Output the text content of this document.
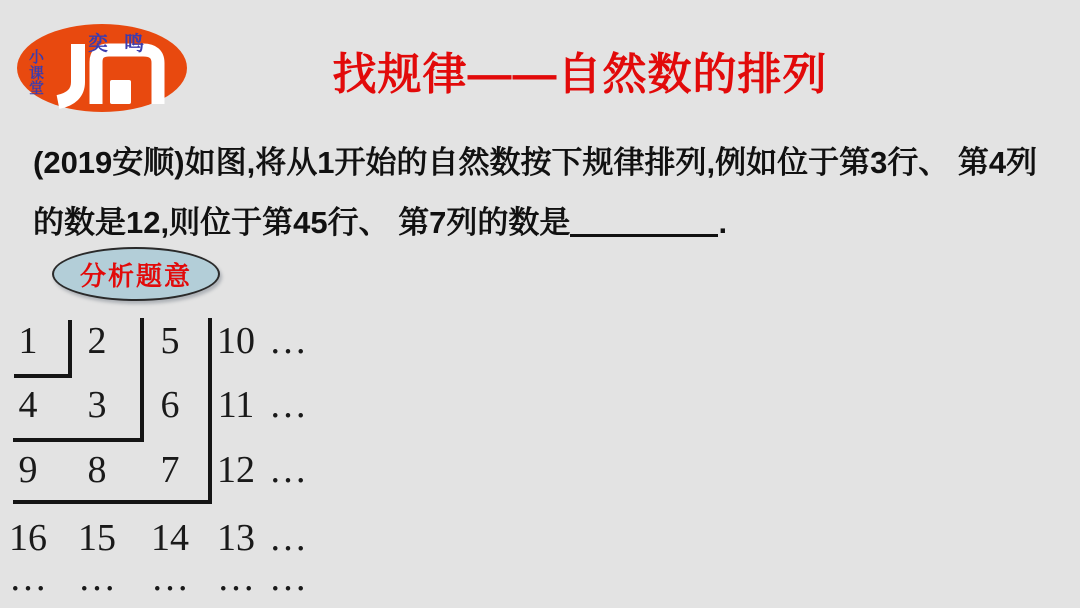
奕鸣
小课堂	找规律——自然数的排列
(2019安顺)如图,将从1开始的自然数按下规律排列,例如位于第3行、 第4列
的数是12,则位于第45行、 第7列的数是	.
分析题意
1	2	5 10 …
4	3	6	11 …
9	8	7 12 …
16 15 14 13 …
… … … … …
